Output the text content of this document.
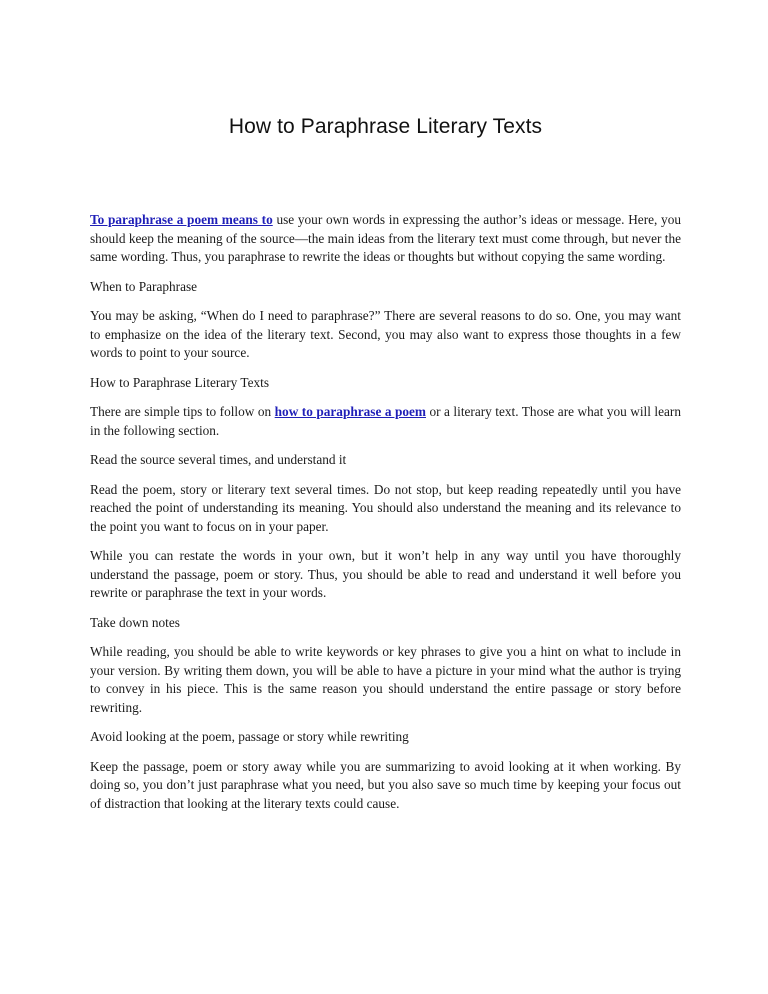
How to Paraphrase Literary Texts

To paraphrase a poem means to use your own words in expressing the author’s ideas or message. Here, you should keep the meaning of the source—the main ideas from the literary text must come through, but never the same wording. Thus, you paraphrase to rewrite the ideas or thoughts but without copying the same wording.

When to Paraphrase

You may be asking, “When do I need to paraphrase?” There are several reasons to do so. One, you may want to emphasize on the idea of the literary text. Second, you may also want to express those thoughts in a few words to point to your source.

How to Paraphrase Literary Texts

There are simple tips to follow on how to paraphrase a poem or a literary text. Those are what you will learn in the following section.

Read the source several times, and understand it

Read the poem, story or literary text several times. Do not stop, but keep reading repeatedly until you have reached the point of understanding its meaning. You should also understand the meaning and its relevance to the point you want to focus on in your paper.

While you can restate the words in your own, but it won’t help in any way until you have thoroughly understand the passage, poem or story. Thus, you should be able to read and understand it well before you rewrite or paraphrase the text in your words.

Take down notes

While reading, you should be able to write keywords or key phrases to give you a hint on what to include in your version. By writing them down, you will be able to have a picture in your mind what the author is trying to convey in his piece. This is the same reason you should understand the entire passage or story before rewriting.

Avoid looking at the poem, passage or story while rewriting

Keep the passage, poem or story away while you are summarizing to avoid looking at it when working. By doing so, you don’t just paraphrase what you need, but you also save so much time by keeping your focus out of distraction that looking at the literary texts could cause.
